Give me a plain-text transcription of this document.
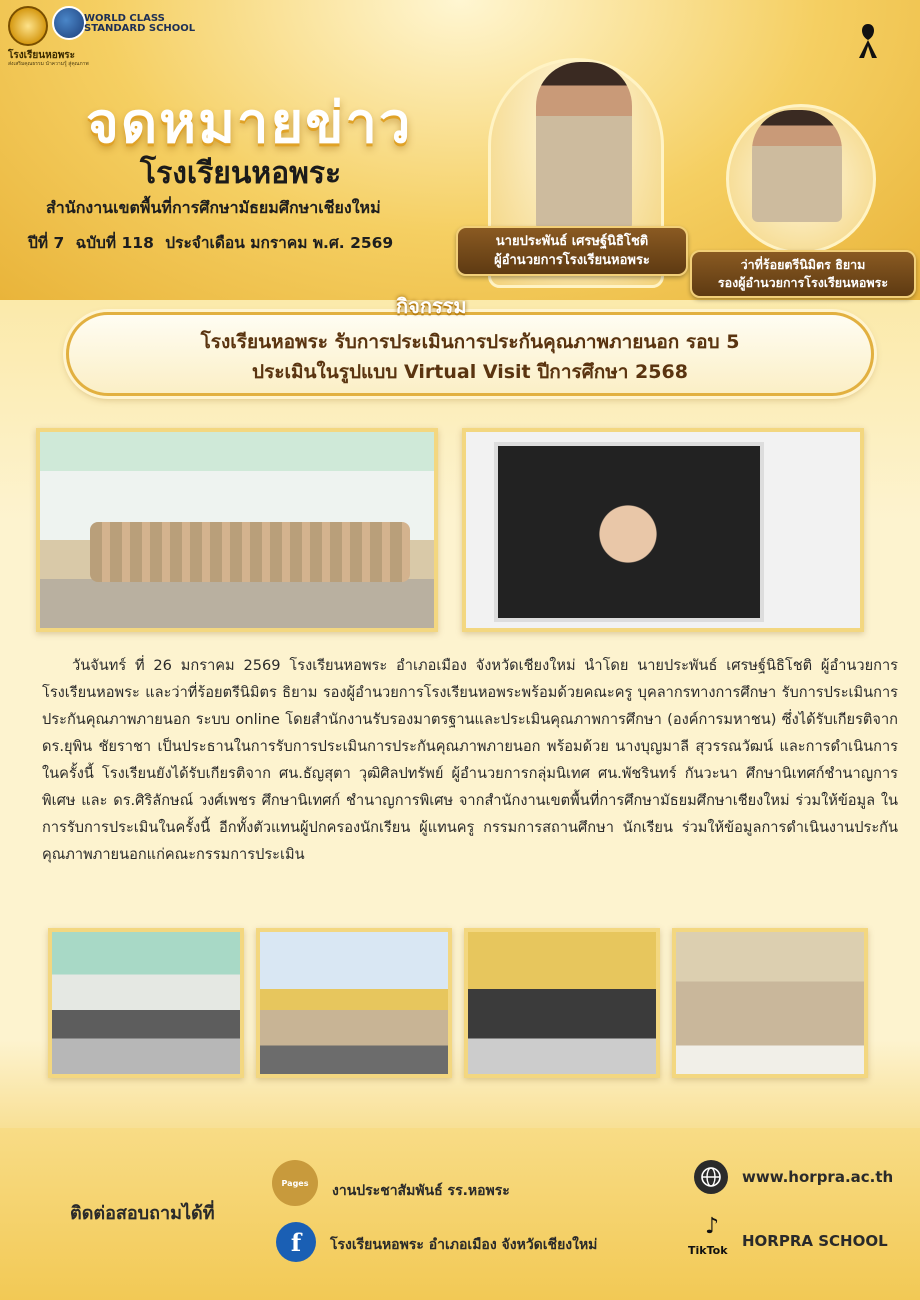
WORLD CLASS
STANDARD SCHOOL
โรงเรียนหอพระ
ส่งเสริมคุณธรรม นำความรู้ สู่คุณภาพ
จดหมายข่าว
โรงเรียนหอพระ
สำนักงานเขตพื้นที่การศึกษามัธยมศึกษาเชียงใหม่
ปีที่ 7 ฉบับที่ 118 ประจำเดือน มกราคม พ.ศ. 2569	นายประพันธ์ เศรษฐ์นิธิโชติ
ผู้อำนวยการโรงเรียนหอพระ	ว่าที่ร้อยตรีนิมิตร ธิยาม
รองผู้อำนวยการโรงเรียนหอพระ
โรงเรียนหอพระ รับการประเมินการประกันคุณภาพภายนอก รอบ 5
ประเมินในรูปแบบ Virtual Visit ปีการศึกษา 2568
กิจกรรม

วันจันทร์ ที่ 26 มกราคม 2569 โรงเรียนหอพระ อำเภอเมือง จังหวัดเชียงใหม่ นำโดย นายประพันธ์ เศรษฐ์นิธิโชติ ผู้อำนวยการโรงเรียนหอพระ และว่าที่ร้อยตรีนิมิตร ธิยาม รองผู้อำนวยการโรงเรียนหอพระพร้อมด้วยคณะครู บุคลากรทางการศึกษา รับการประเมินการประกันคุณภาพภายนอก ระบบ online โดยสำนักงานรับรองมาตรฐานและประเมินคุณภาพการศึกษา (องค์การมหาชน) ซึ่งได้รับเกียรติจาก ดร.ยุพิน ชัยราชา เป็นประธานในการรับการประเมินการประกันคุณภาพภายนอก พร้อมด้วย นางบุญมาลี สุวรรณวัฒน์ และการดำเนินการในครั้งนี้ โรงเรียนยังได้รับเกียรติจาก ศน.ธัญสุตา วุฒิศิลปทรัพย์ ผู้อำนวยการกลุ่มนิเทศ ศน.พัชรินทร์ กันวะนา ศึกษานิเทศก์ชำนาญการพิเศษ และ ดร.ศิริลักษณ์ วงศ์เพชร ศึกษานิเทศก์ ชำนาญการพิเศษ จากสำนักงานเขตพื้นที่การศึกษามัธยมศึกษาเชียงใหม่ ร่วมให้ข้อมูล ในการรับการประเมินในครั้งนี้ อีกทั้งตัวแทนผู้ปกครองนักเรียน ผู้แทนครู กรรมการสถานศึกษา นักเรียน ร่วมให้ข้อมูลการดำเนินงานประกันคุณภาพภายนอกแก่คณะกรรมการประเมิน

ติดต่อสอบถามได้ที่
Pages งานประชาสัมพันธ์ รร.หอพระ
f	โรงเรียนหอพระ อำเภอเมือง จังหวัดเชียงใหม่
www.horpra.ac.th
♪
TikTok
HORPRA SCHOOL
